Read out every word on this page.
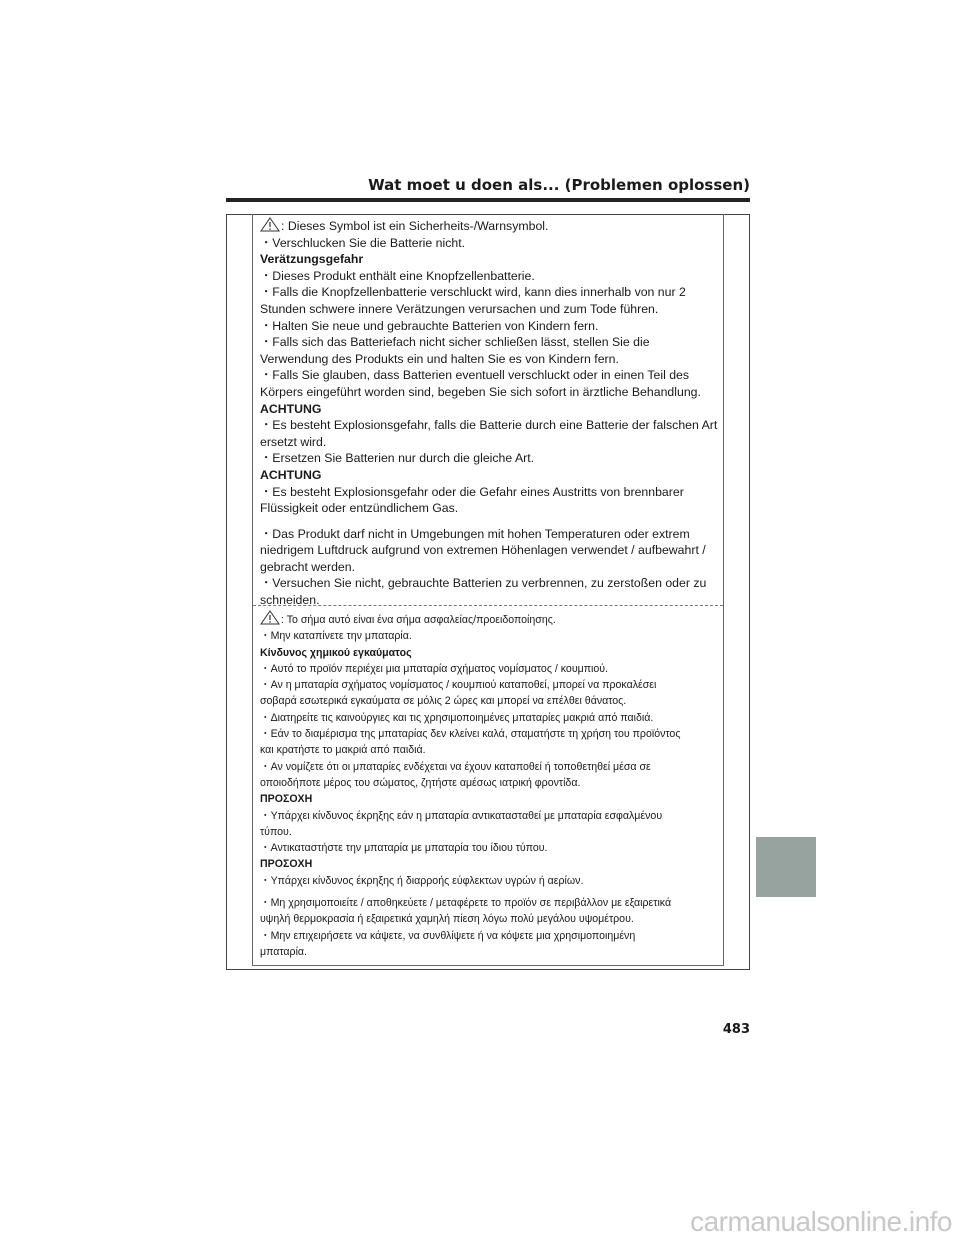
Wat moet u doen als... (Problemen oplossen)
: Dieses Symbol ist ein Sicherheits-/Warnsymbol.
・Verschlucken Sie die Batterie nicht.
Verätzungsgefahr
・Dieses Produkt enthält eine Knopfzellenbatterie.
・Falls die Knopfzellenbatterie verschluckt wird, kann dies innerhalb von nur 2
Stunden schwere innere Verätzungen verursachen und zum Tode führen.
・Halten Sie neue und gebrauchte Batterien von Kindern fern.
・Falls sich das Batteriefach nicht sicher schließen lässt, stellen Sie die
Verwendung des Produkts ein und halten Sie es von Kindern fern.
・Falls Sie glauben, dass Batterien eventuell verschluckt oder in einen Teil des
Körpers eingeführt worden sind, begeben Sie sich sofort in ärztliche Behandlung.
ACHTUNG
・Es besteht Explosionsgefahr, falls die Batterie durch eine Batterie der falschen Art
ersetzt wird.
・Ersetzen Sie Batterien nur durch die gleiche Art.
ACHTUNG
・Es besteht Explosionsgefahr oder die Gefahr eines Austritts von brennbarer
Flüssigkeit oder entzündlichem Gas.
・Das Produkt darf nicht in Umgebungen mit hohen Temperaturen oder extrem
niedrigem Luftdruck aufgrund von extremen Höhenlagen verwendet / aufbewahrt /
gebracht werden.
・Versuchen Sie nicht, gebrauchte Batterien zu verbrennen, zu zerstoßen oder zu
schneiden.
: Το σήμα αυτό είναι ένα σήμα ασφαλείας/προειδοποίησης.
・Μην καταπίνετε την μπαταρία.
Κίνδυνος χημικού εγκαύματος
・Αυτό το προϊόν περιέχει μια μπαταρία σχήματος νομίσματος / κουμπιού.
・Αν η μπαταρία σχήματος νομίσματος / κουμπιού καταποθεί, μπορεί να προκαλέσει
σοβαρά εσωτερικά εγκαύματα σε μόλις 2 ώρες και μπορεί να επέλθει θάνατος.
・Διατηρείτε τις καινούργιες και τις χρησιμοποιημένες μπαταρίες μακριά από παιδιά.
・Εάν το διαμέρισμα της μπαταρίας δεν κλείνει καλά, σταματήστε τη χρήση του προϊόντος
και κρατήστε το μακριά από παιδιά.
・Αν νομίζετε ότι οι μπαταρίες ενδέχεται να έχουν καταποθεί ή τοποθετηθεί μέσα σε
οποιοδήποτε μέρος του σώματος, ζητήστε αμέσως ιατρική φροντίδα.
ΠΡΟΣΟΧΗ
・Υπάρχει κίνδυνος έκρηξης εάν η μπαταρία αντικατασταθεί με μπαταρία εσφαλμένου
τύπου.
・Αντικαταστήστε την μπαταρία με μπαταρία του ίδιου τύπου.
ΠΡΟΣΟΧΗ
・Υπάρχει κίνδυνος έκρηξης ή διαρροής εύφλεκτων υγρών ή αερίων.
・Μη χρησιμοποιείτε / αποθηκεύετε / μεταφέρετε το προϊόν σε περιβάλλον με εξαιρετικά
υψηλή θερμοκρασία ή εξαιρετικά χαμηλή πίεση λόγω πολύ μεγάλου υψομέτρου.
・Μην επιχειρήσετε να κάψετε, να συνθλίψετε ή να κόψετε μια χρησιμοποιημένη
μπαταρία.
483
carmanualsonline.info
